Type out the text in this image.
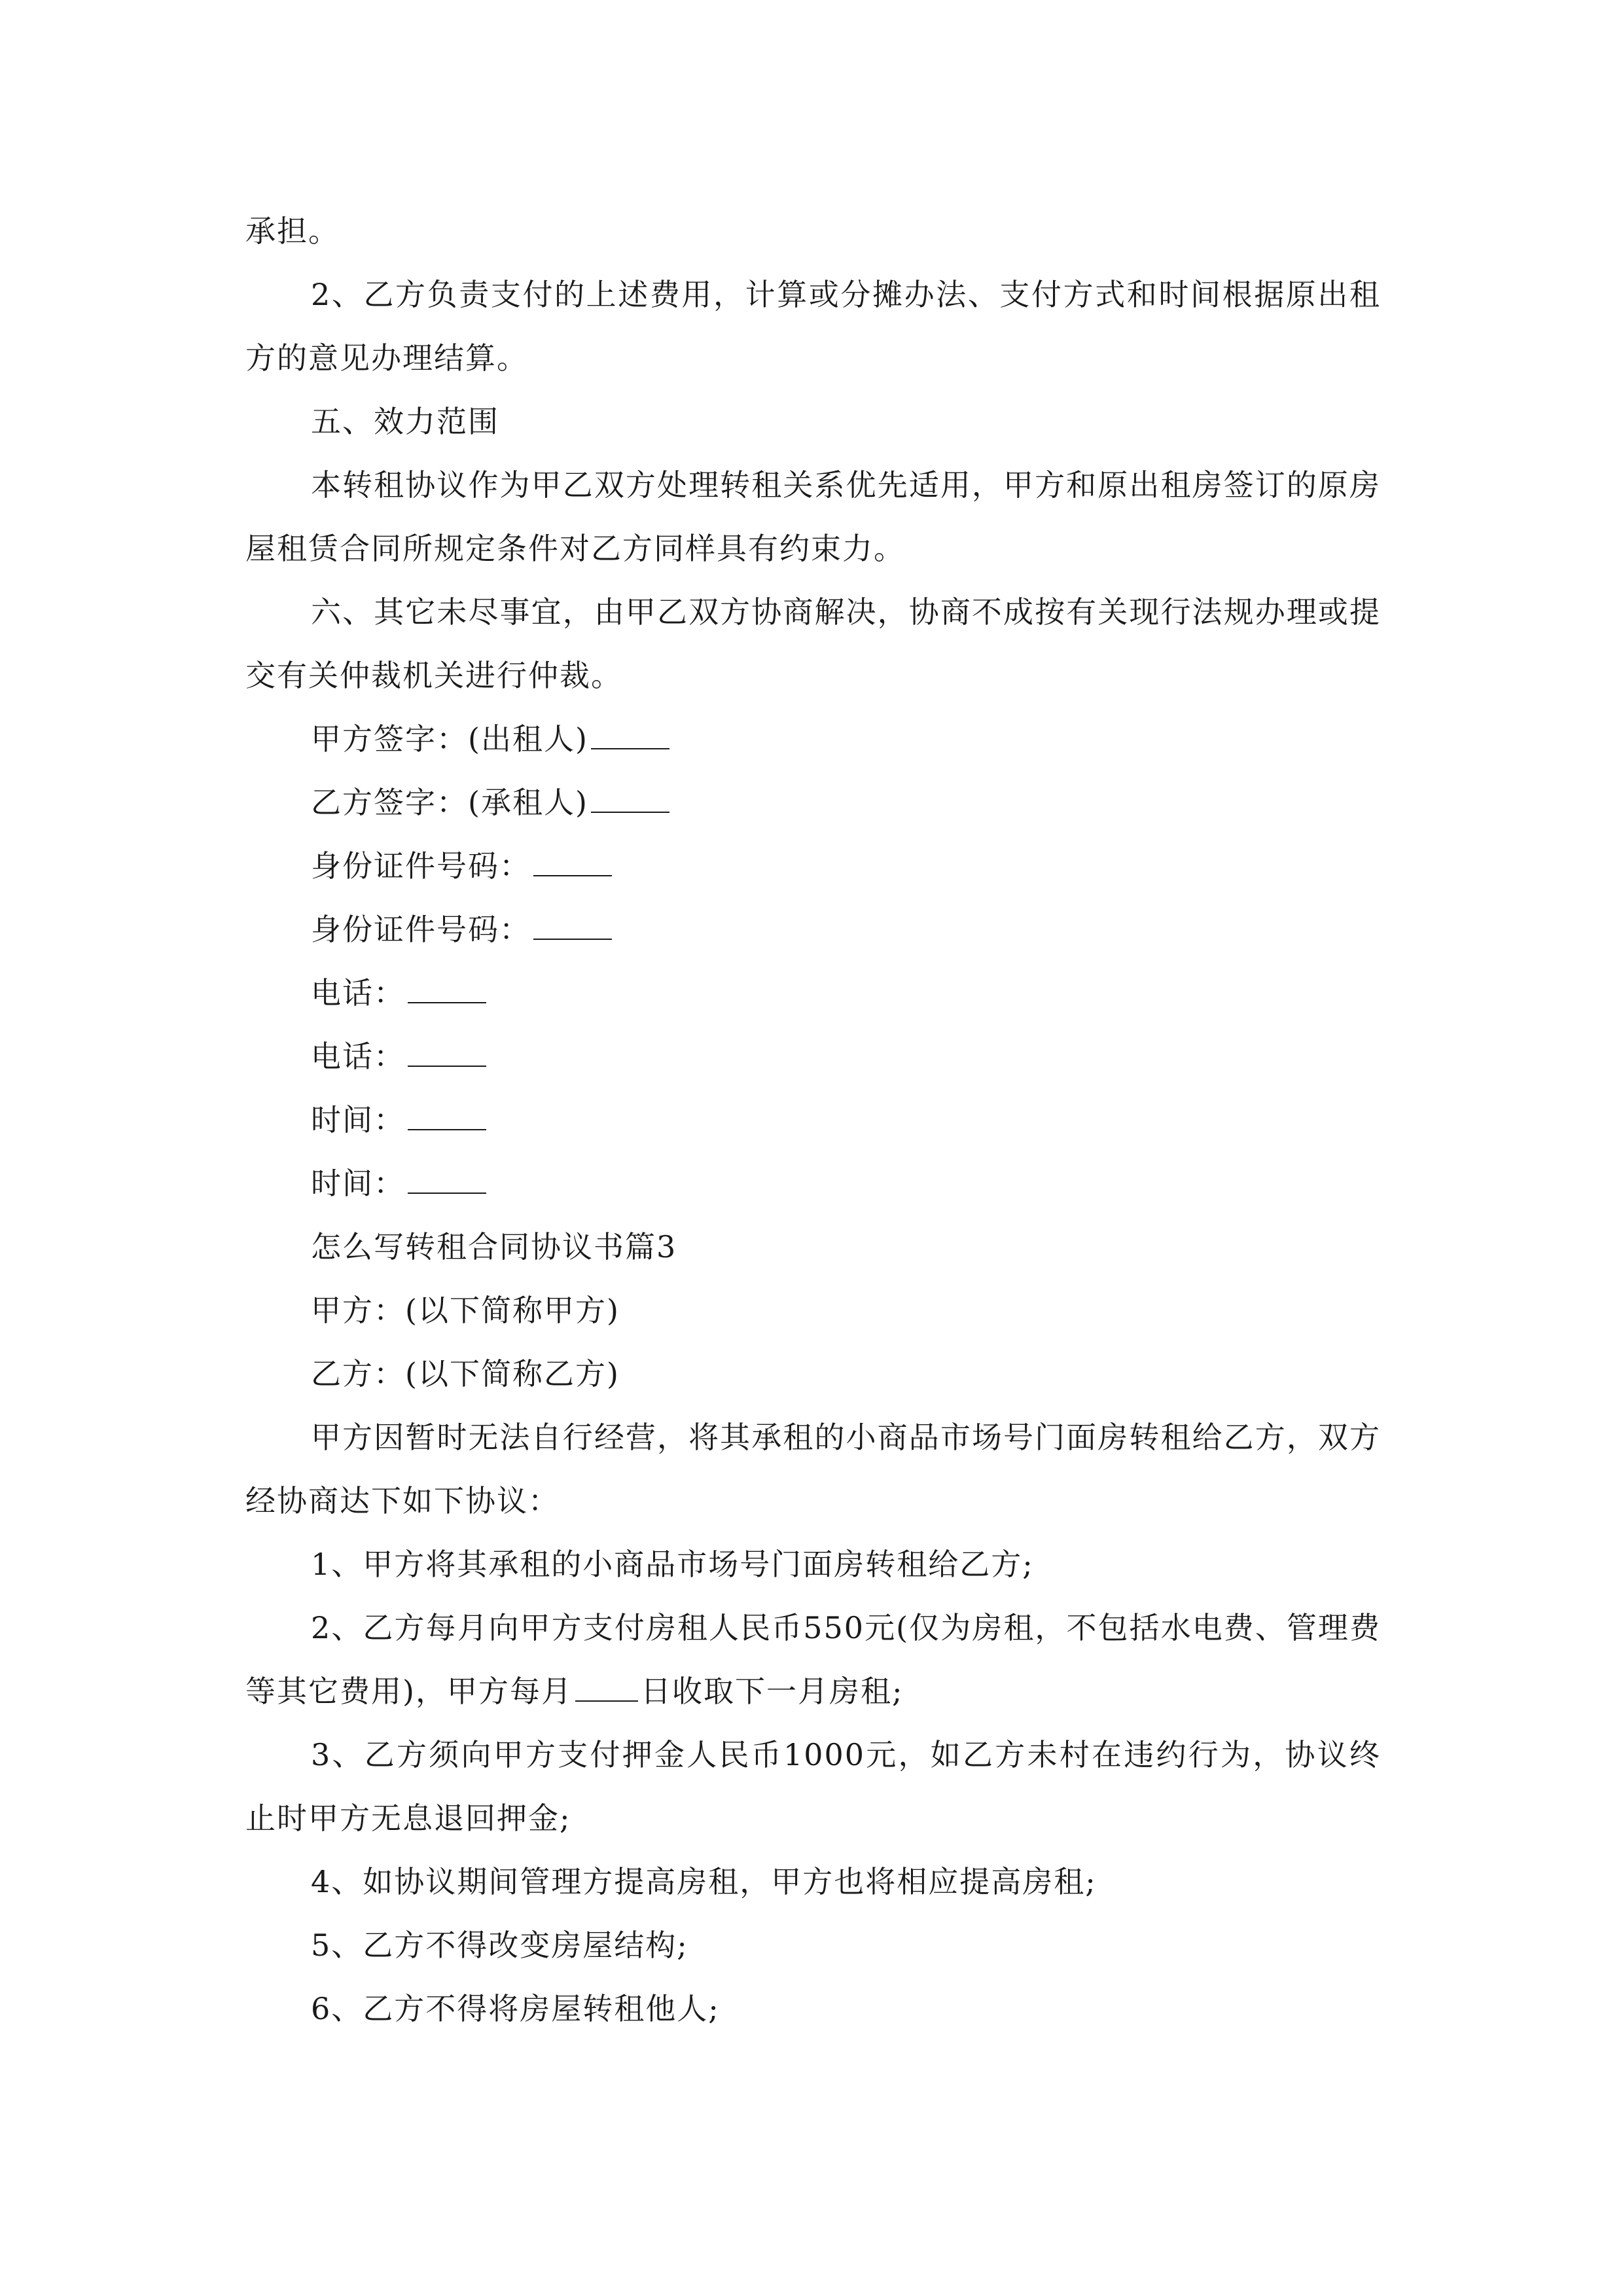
承担。

2、乙方负责支付的上述费用，计算或分摊办法、支付方式和时间根据原出租方的意见办理结算。

五、效力范围

本转租协议作为甲乙双方处理转租关系优先适用，甲方和原出租房签订的原房屋租赁合同所规定条件对乙方同样具有约束力。

六、其它未尽事宜，由甲乙双方协商解决，协商不成按有关现行法规办理或提交有关仲裁机关进行仲裁。

甲方签字：(出租人)

乙方签字：(承租人)

身份证件号码：

身份证件号码：

电话：

电话：

时间：

时间：

怎么写转租合同协议书篇3

甲方：(以下简称甲方)

乙方：(以下简称乙方)

甲方因暂时无法自行经营，将其承租的小商品市场号门面房转租给乙方，双方经协商达下如下协议：

1、甲方将其承租的小商品市场号门面房转租给乙方;

2、乙方每月向甲方支付房租人民币550元(仅为房租，不包括水电费、管理费等其它费用)，甲方每月 日收取下一月房租;

3、乙方须向甲方支付押金人民币1000元，如乙方未村在违约行为，协议终止时甲方无息退回押金;

4、如协议期间管理方提高房租，甲方也将相应提高房租;

5、乙方不得改变房屋结构;

6、乙方不得将房屋转租他人;
